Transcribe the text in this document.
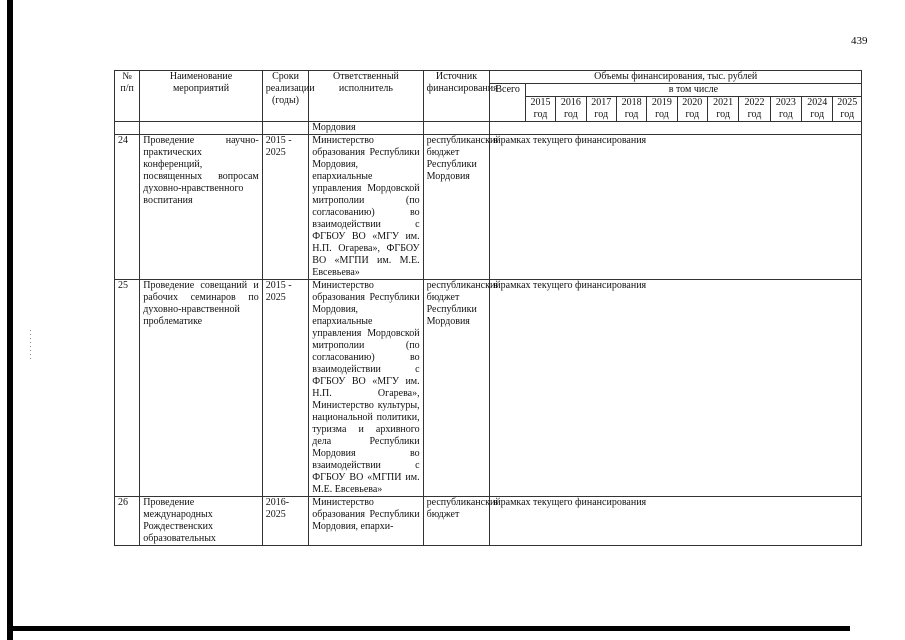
439
№ п/п	Наименование мероприятий	Сроки реализации (годы)	Ответственный исполнитель	Источник финансирования	Объемы финансирования, тыс. рублей											
					Всего	в том числе										
						2015 год	2016 год	2017 год	2018 год	2019 год	2020 год	2021 год	2022 год	2023 год	2024 год	2025 год
			Мордовия													
24	Проведение научно-практических конференций, посвященных вопросам духовно-нравственного воспитания	2015 - 2025	Министерство образования Республики Мордовия, епархиальные управления Мордовской митрополии (по согласованию) во взаимодействии с ФГБОУ ВО «МГУ им. Н.П. Огарева», ФГБОУ ВО «МГПИ им. М.Е. Евсевьева»	республиканский бюджет Республики Мордовия	в рамках текущего финансирования											
25	Проведение совещаний и рабочих семинаров по духовно-нравственной проблематике	2015 - 2025	Министерство образования Республики Мордовия, епархиальные управления Мордовской митрополии (по согласованию) во взаимодействии с ФГБОУ ВО «МГУ им. Н.П. Огарева», Министерство культуры, национальной политики, туризма и архивного дела Республики Мордовия во взаимодействии с ФГБОУ ВО «МГПИ им. М.Е. Евсевьева»	республиканский бюджет Республики Мордовия	в рамках текущего финансирования											
26	Проведение международных Рождественских образовательных	2016-2025	Министерство образования Республики Мордовия, епархи-	республиканский бюджет	в рамках текущего финансирования											
